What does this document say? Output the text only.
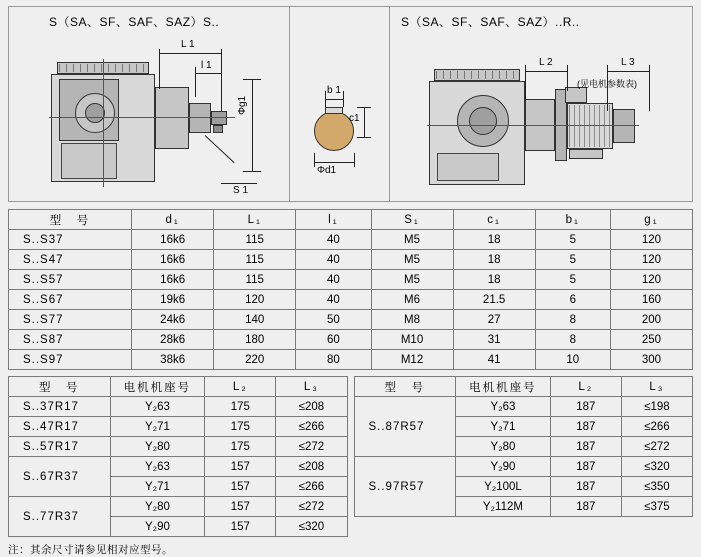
S（SA、SF、SAF、SAZ）S..	S（SA、SF、SAF、SAZ）..R..
L 1
l 1
Φg1
S 1
b 1
c1
Φd1
L 2	L 3
(见电机参数表)
型　号	d₁	L₁	l₁	S₁	c₁	b₁	g₁
S..S37	16k6	115	40	M5	18	5	120
S..S47	16k6	115	40	M5	18	5	120
S..S57	16k6	115	40	M5	18	5	120
S..S67	19k6	120	40	M6	21.5	6	160
S..S77	24k6	140	50	M8	27	8	200
S..S87	28k6	180	60	M10	31	8	250
S..S97	38k6	220	80	M12	41	10	300
型　号	电机机座号	L₂	L₃
S..37R17	Y₂63	175	≤208
S..47R17	Y₂71	175	≤266
S..57R17	Y₂80	175	≤272
S..67R37	Y₂63	157	≤208
	Y₂71	157	≤266
S..77R37	Y₂80	157	≤272
	Y₂90	157	≤320
型　号	电机机座号	L₂	L₃
S..87R57	Y₂63	187	≤198
	Y₂71	187	≤266
	Y₂80	187	≤272
S..97R57	Y₂90	187	≤320
	Y₂100L	187	≤350
	Y₂112M	187	≤375
注：其余尺寸请参见相对应型号。
